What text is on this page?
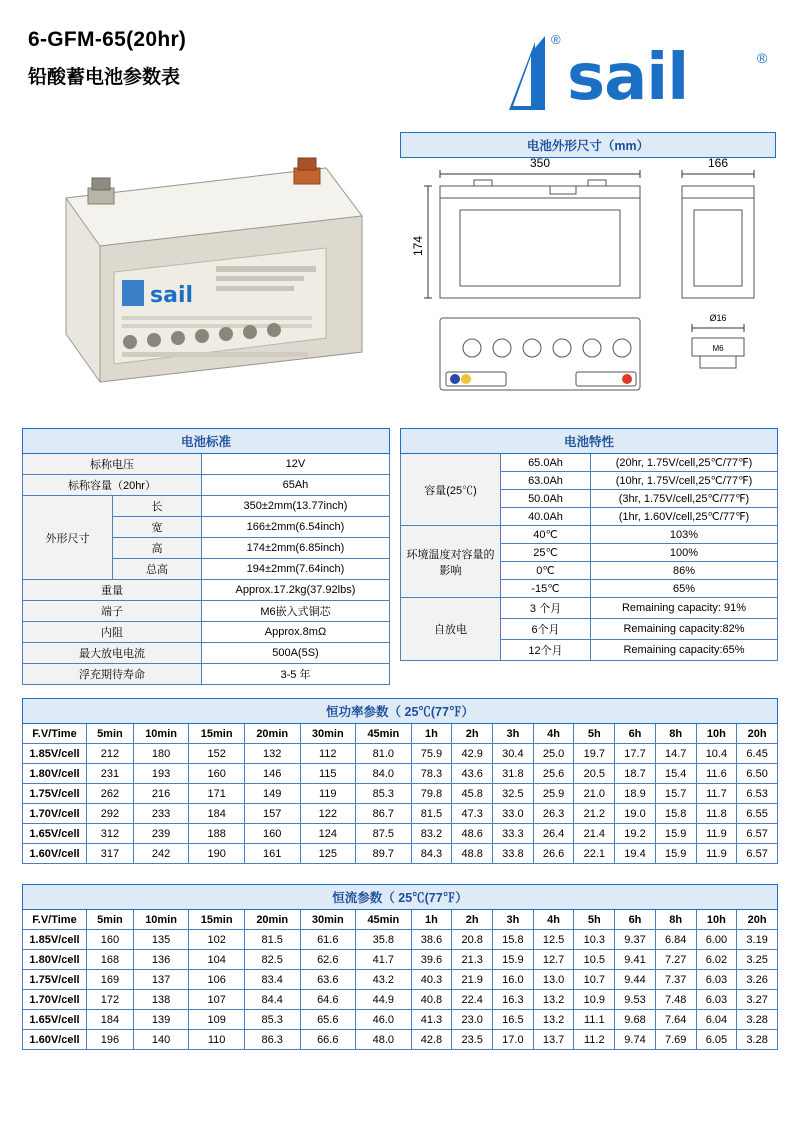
6-GFM-65(20hr)
铅酸蓄电池参数表
®
sail	®
sail
电池外形尺寸（mm）
350	166
174
Ø16
M6
电池标准		
标称电压		12V
标称容量（20hr）		65Ah
外形尺寸	长	350±2mm(13.77inch)
	宽	166±2mm(6.54inch)
	高	174±2mm(6.85inch)
	总高	194±2mm(7.64inch)
重量		Approx.17.2kg(37.92lbs)
端子		M6嵌入式铜芯
内阻		Approx.8mΩ
最大放电电流		500A(5S)
浮充期待寿命		3-5 年
电池特性		
容量(25℃)	65.0Ah	(20hr, 1.75V/cell,25℃/77℉)
	63.0Ah	(10hr, 1.75V/cell,25℃/77℉)
	50.0Ah	(3hr, 1.75V/cell,25℃/77℉)
	40.0Ah	(1hr, 1.60V/cell,25℃/77℉)
环境温度对容量的影响	40℃	103%
	25℃	100%
	0℃	86%
	-15℃	65%
自放电	3 个月	Remaining capacity: 91%
	6个月	Remaining capacity:82%
	12个月	Remaining capacity:65%
恒功率参数（ 25℃(77℉）															
F.V/Time	5min	10min	15min	20min	30min	45min	1h	2h	3h	4h	5h	6h	8h	10h	20h
1.85V/cell	212	180	152	132	112	81.0	75.9	42.9	30.4	25.0	19.7	17.7	14.7	10.4	6.45
1.80V/cell	231	193	160	146	115	84.0	78.3	43.6	31.8	25.6	20.5	18.7	15.4	11.6	6.50
1.75V/cell	262	216	171	149	119	85.3	79.8	45.8	32.5	25.9	21.0	18.9	15.7	11.7	6.53
1.70V/cell	292	233	184	157	122	86.7	81.5	47.3	33.0	26.3	21.2	19.0	15.8	11.8	6.55
1.65V/cell	312	239	188	160	124	87.5	83.2	48.6	33.3	26.4	21.4	19.2	15.9	11.9	6.57
1.60V/cell	317	242	190	161	125	89.7	84.3	48.8	33.8	26.6	22.1	19.4	15.9	11.9	6.57
恒流参数（ 25℃(77℉）															
F.V/Time	5min	10min	15min	20min	30min	45min	1h	2h	3h	4h	5h	6h	8h	10h	20h
1.85V/cell	160	135	102	81.5	61.6	35.8	38.6	20.8	15.8	12.5	10.3	9.37	6.84	6.00	3.19
1.80V/cell	168	136	104	82.5	62.6	41.7	39.6	21.3	15.9	12.7	10.5	9.41	7.27	6.02	3.25
1.75V/cell	169	137	106	83.4	63.6	43.2	40.3	21.9	16.0	13.0	10.7	9.44	7.37	6.03	3.26
1.70V/cell	172	138	107	84.4	64.6	44.9	40.8	22.4	16.3	13.2	10.9	9.53	7.48	6.03	3.27
1.65V/cell	184	139	109	85.3	65.6	46.0	41.3	23.0	16.5	13.2	11.1	9.68	7.64	6.04	3.28
1.60V/cell	196	140	110	86.3	66.6	48.0	42.8	23.5	17.0	13.7	11.2	9.74	7.69	6.05	3.28
